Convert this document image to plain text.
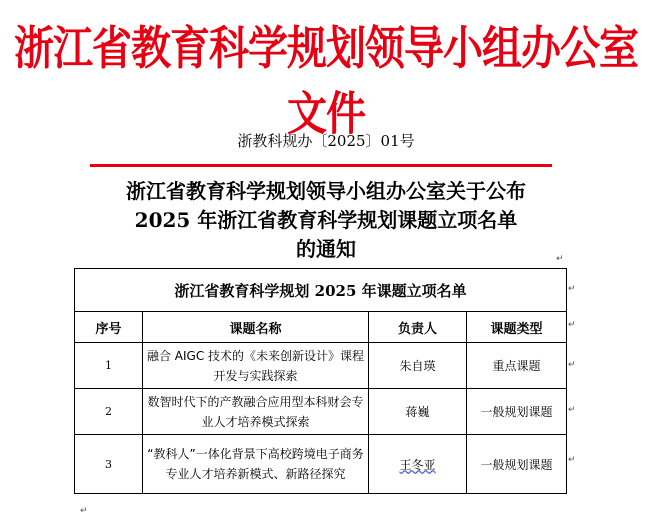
浙江省教育科学规划领导小组办公室文件
浙教科规办〔2025〕01号
浙江省教育科学规划领导小组办公室关于公布
2025 年浙江省教育科学规划课题立项名单
的通知	↵
浙江省教育科学规划 2025 年课题立项名单			
序号	课题名称	负责人	课题类型
1	融合 AIGC 技术的《未来创新设计》课程开发与实践探索	朱自瑛	重点课题
2	数智时代下的产教融合应用型本科财会专业人才培养模式探索	蒋巍	一般规划课题
3	“教科人”一体化背景下高校跨境电子商务专业人才培养新模式、新路径探究	王冬亚	一般规划课题
↵
↵
↵
↵
↵
↵
